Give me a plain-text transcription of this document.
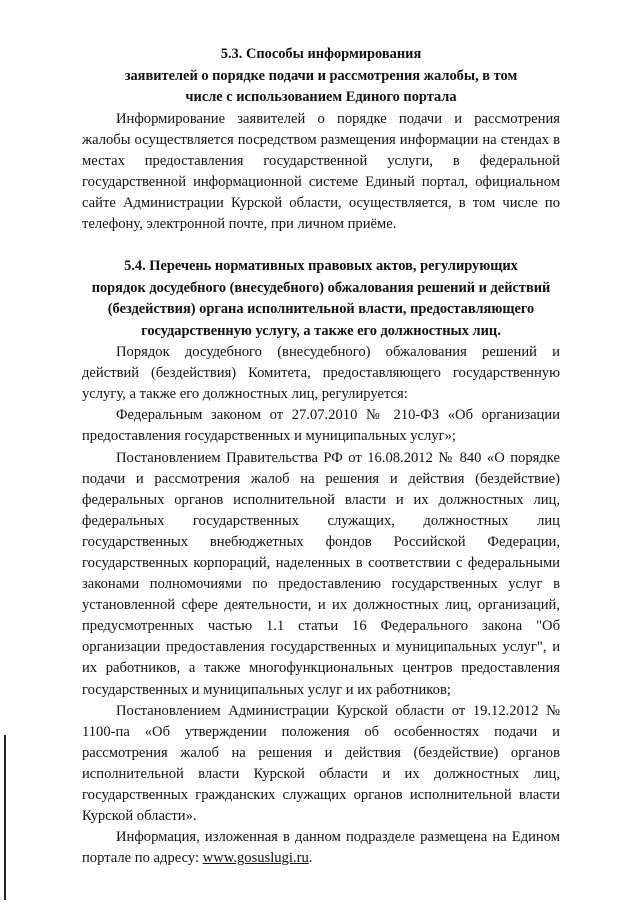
5.3. Способы информирования
заявителей о порядке подачи и рассмотрения жалобы, в том
числе с использованием Единого портала

Информирование заявителей о порядке подачи и рассмотрения жалобы осуществляется посредством размещения информации на стендах в местах предоставления государственной услуги, в федеральной государственной информационной системе Единый портал, официальном сайте Администрации Курской области, осуществляется, в том числе по телефону, электронной почте, при личном приёме.

5.4. Перечень нормативных правовых актов, регулирующих
порядок досудебного (внесудебного) обжалования решений и действий
(бездействия) органа исполнительной власти, предоставляющего
государственную услугу, а также его должностных лиц.

Порядок досудебного (внесудебного) обжалования решений и действий (бездействия) Комитета, предоставляющего государственную услугу, а также его должностных лиц, регулируется:

Федеральным законом от 27.07.2010 № 210-ФЗ «Об организации предоставления государственных и муниципальных услуг»;

Постановлением Правительства РФ от 16.08.2012 № 840 «О порядке подачи и рассмотрения жалоб на решения и действия (бездействие) федеральных органов исполнительной власти и их должностных лиц, федеральных государственных служащих, должностных лиц государственных внебюджетных фондов Российской Федерации, государственных корпораций, наделенных в соответствии с федеральными законами полномочиями по предоставлению государственных услуг в установленной сфере деятельности, и их должностных лиц, организаций, предусмотренных частью 1.1 статьи 16 Федерального закона "Об организации предоставления государственных и муниципальных услуг", и их работников, а также многофункциональных центров предоставления государственных и муниципальных услуг и их работников;

Постановлением Администрации Курской области от 19.12.2012 № 1100-па «Об утверждении положения об особенностях подачи и рассмотрения жалоб на решения и действия (бездействие) органов исполнительной власти Курской области и их должностных лиц, государственных гражданских служащих органов исполнительной власти Курской области».

Информация, изложенная в данном подразделе размещена на Едином портале по адресу: www.gosuslugi.ru.
